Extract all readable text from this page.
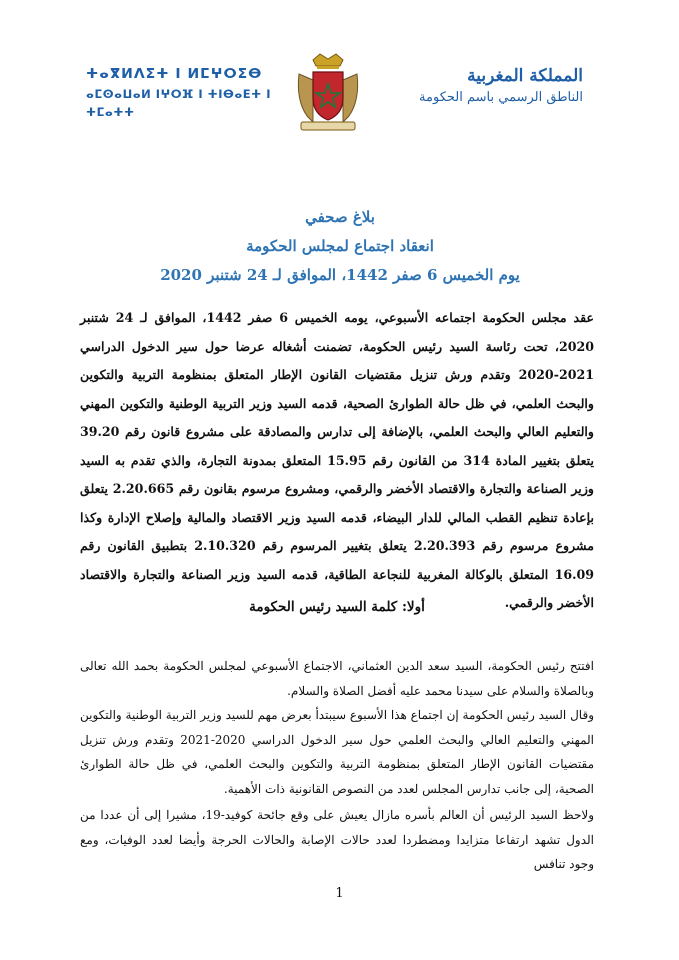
ⵜⴰⴳⵍⴷⵉⵜ ⵏ ⵍⵎⵖⵔⵉⴱ
ⴰⵎⵙⴰⵡⴰⵍ ⵏⵖⵔⴼ ⵏ ⵜⵏⴱⴰⴹⵜ ⵏ ⵜⵎⴰⵜⵜ
المملكة المغربية
الناطق الرسمي باسم الحكومة
بلاغ صحفي
انعقاد اجتماع لمجلس الحكومة
يوم الخميس 6 صفر 1442، الموافق لـ 24 شتنبر 2020
عقد مجلس الحكومة اجتماعه الأسبوعي، يومه الخميس 6 صفر 1442، الموافق لـ 24 شتنبر 2020، تحت رئاسة السيد رئيس الحكومة، تضمنت أشغاله عرضا حول سير الدخول الدراسي 2021-2020 وتقدم ورش تنزيل مقتضيات القانون الإطار المتعلق بمنظومة التربية والتكوين والبحث العلمي، في ظل حالة الطوارئ الصحية، قدمه السيد وزير التربية الوطنية والتكوين المهني والتعليم العالي والبحث العلمي، بالإضافة إلى تدارس والمصادقة على مشروع قانون رقم 39.20 يتعلق بتغيير المادة 314 من القانون رقم 15.95 المتعلق بمدونة التجارة، والذي تقدم به السيد وزير الصناعة والتجارة والاقتصاد الأخضر والرقمي، ومشروع مرسوم بقانون رقم 2.20.665 يتعلق بإعادة تنظيم القطب المالي للدار البيضاء، قدمه السيد وزير الاقتصاد والمالية وإصلاح الإدارة وكذا مشروع مرسوم رقم 2.20.393 يتعلق بتغيير المرسوم رقم 2.10.320 بتطبيق القانون رقم 16.09 المتعلق بالوكالة المغربية للنجاعة الطاقية، قدمه السيد وزير الصناعة والتجارة والاقتصاد الأخضر والرقمي.
أولا: كلمة السيد رئيس الحكومة
افتتح رئيس الحكومة، السيد سعد الدين العثماني، الاجتماع الأسبوعي لمجلس الحكومة بحمد الله تعالى وبالصلاة والسلام على سيدنا محمد عليه أفضل الصلاة والسلام.
وقال السيد رئيس الحكومة إن اجتماع هذا الأسبوع سيبتدأ بعرض مهم للسيد وزير التربية الوطنية والتكوين المهني والتعليم العالي والبحث العلمي حول سير الدخول الدراسي 2020-2021 وتقدم ورش تنزيل مقتضيات القانون الإطار المتعلق بمنظومة التربية والتكوين والبحث العلمي، في ظل حالة الطوارئ الصحية، إلى جانب تدارس المجلس لعدد من النصوص القانونية ذات الأهمية.
ولاحظ السيد الرئيس أن العالم بأسره مازال يعيش على وقع جائحة كوفيد-19، مشيرا إلى أن عددا من الدول تشهد ارتفاعا متزايدا ومضطردا لعدد حالات الإصابة والحالات الحرجة وأيضا لعدد الوفيات، ومع وجود تنافس
1
